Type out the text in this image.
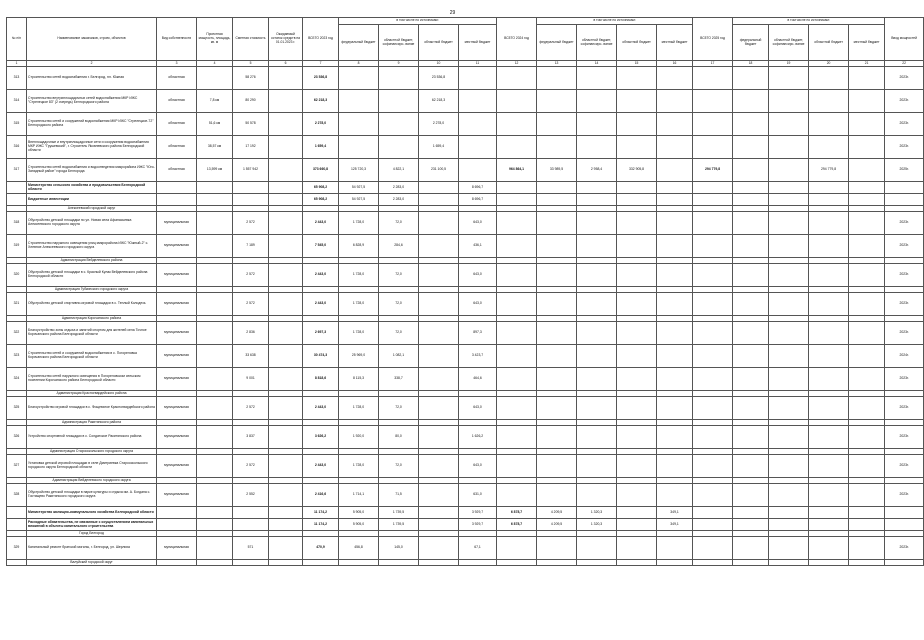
29
№ п/п	Наименование заказчиков, строек, объектов	Вид собственности	Проектная мощность, площадь, кв. м	Сметная стоимость	Ожидаемый остаток средств на 01.01.2023 г.	ВСЕГО 2023 год	в том числе по источникам:				ВСЕГО 2024 год	в том числе по источникам:				ВСЕГО 2025 год	в том числе по источникам:				Ввод мощностей
							федеральный бюджет	областной бюджет, софинансиро- вание	областной бюджет	местный бюджет		федеральный бюджет	областной бюджет, софинансиро- вание	областной бюджет	местный бюджет		федеральный бюджет	областной бюджет, софинансиро- вание	областной бюджет	местный бюджет	
1	2	3	4	5	6	7	8	9	10	11	12	13	14	15	16	17	18	19	20	21	22
313	Строительство сетей водоснабжения г. Белгород, пл. Южная	областная		58 276		23 536,8			23 536,8												2023г.
314	Строительство внутриплощадочных сетей водоснабжения МКР ИЖС "Стрелецкое 83" (2 очередь) Белгородского района	областная	7,8 км	80 290		62 218,3			62 218,3												2023г.
315	Строительство сетей и сооружений водоснабжения МКР ИЖС "Стрелецкое-72" Белгородского района	областная	51,6 км	50 578		2 278,0			2 278,0												2023г.
316	Внеплощадочные и внутриплощадочные сети и сооружения водоснабжения МКР ИЖС "Грушевский", г. Строитель Яковлевского района Белгородской области	областная	38,57 км	17 192		1 659,4			1 659,4												2023г.
317	Строительство сетей водоснабжения и водоотведения микрорайона ИЖС "Юго-Западный район" города Белгорода	областная	13,599 км	1 557 942		373 660,8	125 720,3	4 822,1	231 100,5		964 864,1	33 989,5	2 958,4	332 905,8		294 779,8			294 779,8		2025г.
	Министерство сельского хозяйства и продовольствия Белгородской области					65 908,2	54 927,5	2 283,0		8 696,7											
	Бюджетные инвестиции					65 908,2	54 927,5	2 283,0		8 696,7											
	Алексеевский городской округ																				
318	Обустройство детской площадки по ул. Новая села Афанасьевка Алексеевского городского округа	муниципальная		2 572		2 443,0	1 728,0	72,0		643,0											2023г.
319	Строительство наружного освещения улиц микрорайона ИЖС "Южный-2" с. Хлевное Алексеевского городского округа	муниципальная		7 189		7 545,0	6 828,9	284,6		436,1											2023г.
	Администрация Вейделевского района																				
320	Обустройство детской площадки в с. Красный Кулак Вейделевского района Белгородской области	муниципальная		2 572		2 443,0	1 728,0	72,0		643,0											2023г.
	Администрация Губкинского городского округа																				
321	Обустройство детской спортивно-игровой площадки в с. Теплый Колодезь	муниципальная		2 572		2 443,0	1 728,0	72,0		643,0											2023г.
	Администрация Корочанского района																				
322	Благоустройство зоны отдыха и занятий спортом для жителей села Точное Корочанского района Белгородской области	муниципальная		2 836		2 697,3	1 728,0	72,0		897,3											2023г.
323	Строительство сетей и сооружений водоснабжения в с. Погореловка Корочанского района Белгородской области	муниципальная		33 638		30 474,3	25 969,0	1 082,1		3 423,7											2024г.
324	Строительство сетей наружного освещения в Погореловском сельском поселении Корочанского района Белгородской области	муниципальная		9 001		8 818,6	8 115,3	338,7		464,6											2023г.
	Администрация Красногвардейского района																				
325	Благоустройство игровой площадки в с. Фощеватое Красногвардейского района	муниципальная		2 572		2 443,0	1 728,0	72,0		643,0											2023г.
	Администрация Ракитянского района																				
326	Устройство спортивной площадки в с. Солдатское Ракитянского района	муниципальная		3 837		3 626,2	1 920,0	80,0		1 626,2											2023г.
	Администрация Старооскольского городского округа																				
327	Установка детской игровой площадки в селе Дмитриевка Старооскольского городского округа Белгородской области	муниципальная		2 572		2 443,0	1 728,0	72,0		643,0											2023г.
	Администрация Вейделевского городского округа																				
328	Обустройство детской площадки в парке культуры и отдыха им. А. Богдана с. Гостищево Ракитянского городского округа	муниципальная		2 552		2 416,6	1 714,1	71,5		631,0											2023г.
	Министерство жилищно-коммунального хозяйства Белгородской области					11 174,2	5 905,0	1 739,5		3 929,7	6 878,7	4 209,5	1 320,3		349,1						
	Расходные обязательства, не связанные с осуществлением капитальных вложений в объекты капитального строительства					11 174,2	5 905,0	1 739,5		3 929,7	6 878,7	4 209,5	1 320,3		349,1						
	Город Белгород																				
329	Капитальный ремонт братской могилы, г. Белгород, ул. Шерлиха	муниципальная		571		470,9	456,8	145,0		67,1											2023г.
	Валуйский городской округ																				
